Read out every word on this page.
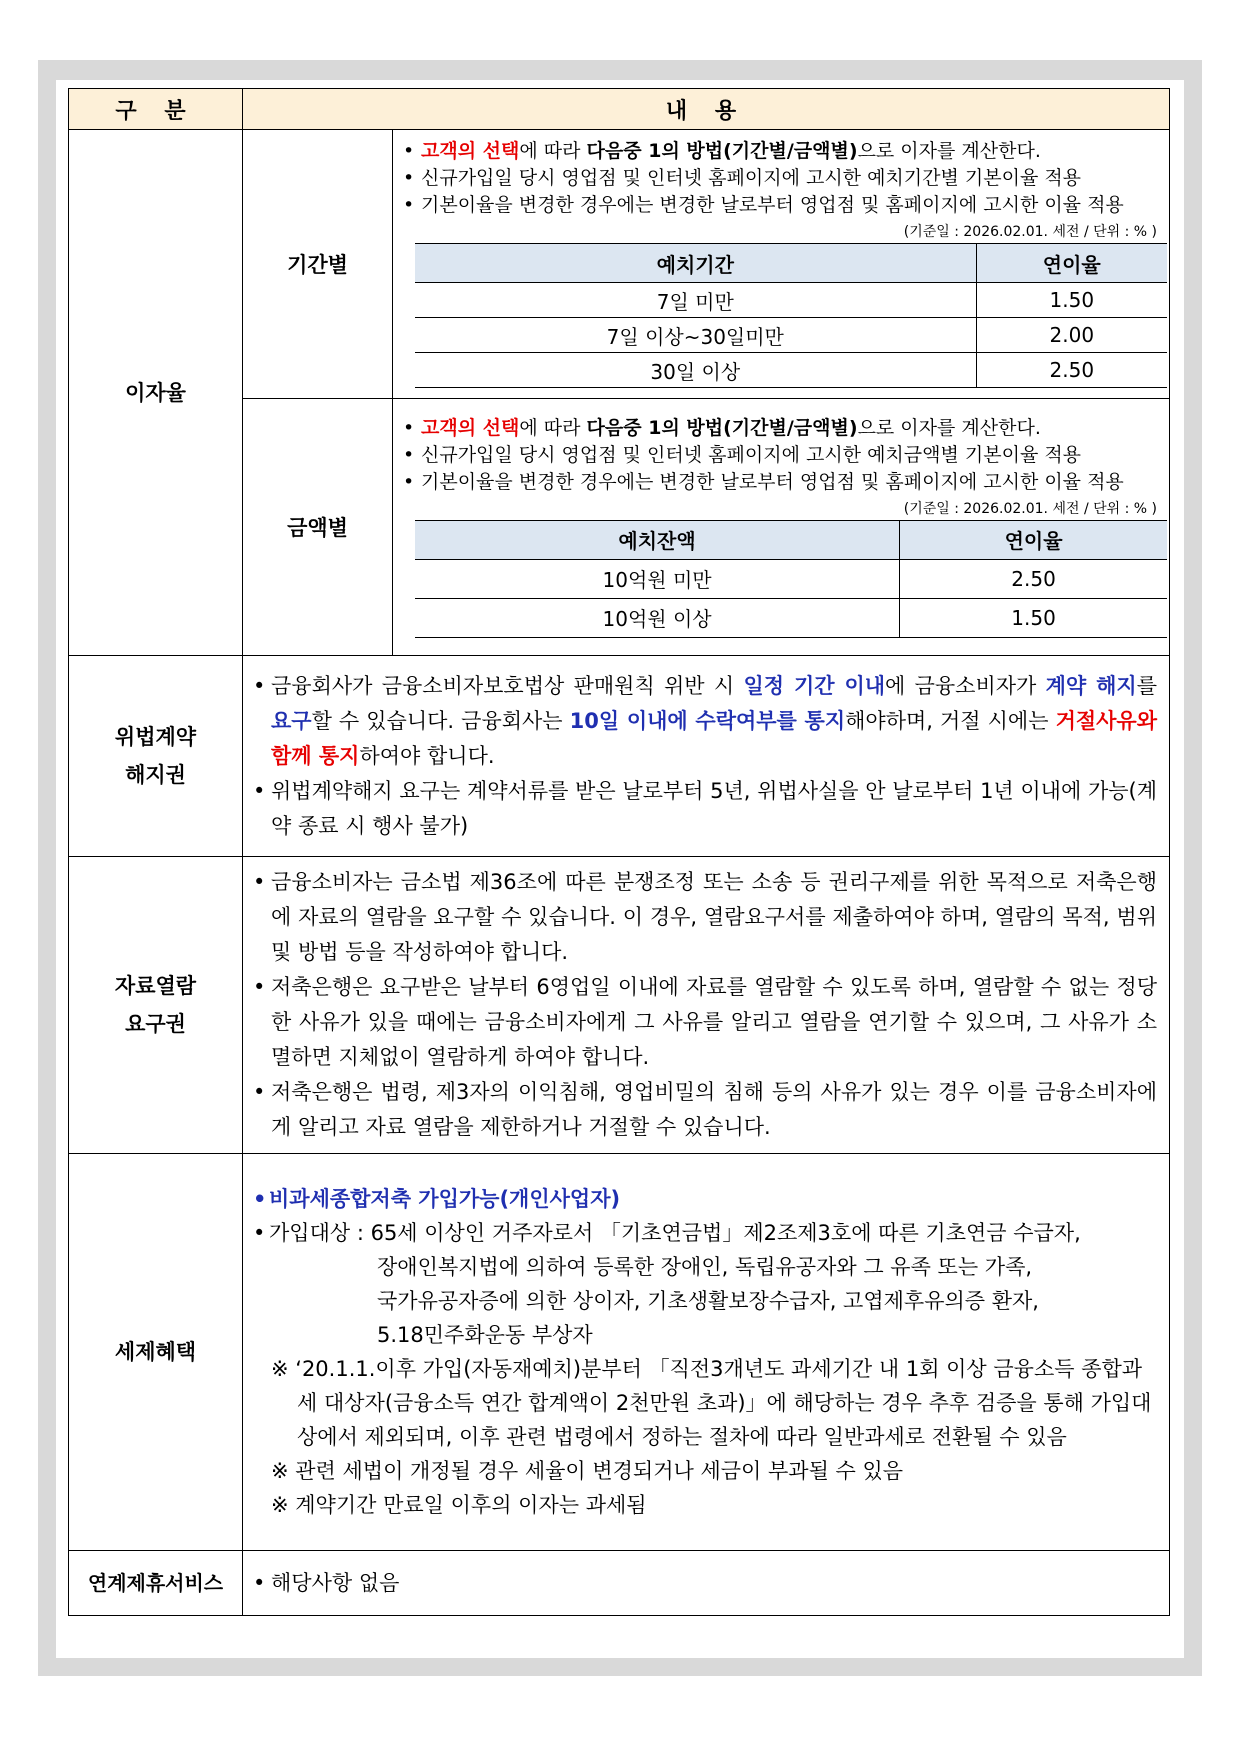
구 분	내 용
이자율	기간별	
• 고객의 선택에 따라 다음중 1의 방법(기간별/금액별)으로 이자를 계산한다.
• 신규가입일 당시 영업점 및 인터넷 홈페이지에 고시한 예치기간별 기본이율 적용
• 기본이율을 변경한 경우에는 변경한 날로부터 영업점 및 홈페이지에 고시한 이율 적용
(기준일 : 2026.02.01. 세전 / 단위 : % )
예치기간	연이율
7일 미만	1.50
7일 이상~30일미만	2.00
30일 이상	2.50

금액별	
• 고객의 선택에 따라 다음중 1의 방법(기간별/금액별)으로 이자를 계산한다.
• 신규가입일 당시 영업점 및 인터넷 홈페이지에 고시한 예치금액별 기본이율 적용
• 기본이율을 변경한 경우에는 변경한 날로부터 영업점 및 홈페이지에 고시한 이율 적용
(기준일 : 2026.02.01. 세전 / 단위 : % )
예치잔액	연이율
10억원 미만	2.50
10억원 이상	1.50

위법계약
해지권	
• 금융회사가 금융소비자보호법상 판매원칙 위반 시 일정 기간 이내에 금융소비자가 계약 해지를 요구할 수 있습니다. 금융회사는 10일 이내에 수락여부를 통지해야하며, 거절 시에는 거절사유와 함께 통지하여야 합니다.
• 위법계약해지 요구는 계약서류를 받은 날로부터 5년, 위법사실을 안 날로부터 1년 이내에 가능(계약 종료 시 행사 불가)

자료열람
요구권	
• 금융소비자는 금소법 제36조에 따른 분쟁조정 또는 소송 등 권리구제를 위한 목적으로 저축은행에 자료의 열람을 요구할 수 있습니다. 이 경우, 열람요구서를 제출하여야 하며, 열람의 목적, 범위 및 방법 등을 작성하여야 합니다.
• 저축은행은 요구받은 날부터 6영업일 이내에 자료를 열람할 수 있도록 하며, 열람할 수 없는 정당한 사유가 있을 때에는 금융소비자에게 그 사유를 알리고 열람을 연기할 수 있으며, 그 사유가 소멸하면 지체없이 열람하게 하여야 합니다.
• 저축은행은 법령, 제3자의 이익침해, 영업비밀의 침해 등의 사유가 있는 경우 이를 금융소비자에게 알리고 자료 열람을 제한하거나 거절할 수 있습니다.

세제혜택	

• 비과세종합저축 가입가능(개인사업자)

• 가입대상 : 65세 이상인 거주자로서 「기초연금법」제2조제3호에 따른 기초연금 수급자,

장애인복지법에 의하여 등록한 장애인, 독립유공자와 그 유족 또는 가족,

국가유공자증에 의한 상이자, 기초생활보장수급자, 고엽제후유의증 환자,

5.18민주화운동 부상자

※ ‘20.1.1.이후 가입(자동재예치)분부터 「직전3개년도 과세기간 내 1회 이상 금융소득 종합과세 대상자(금융소득 연간 합계액이 2천만원 초과)」에 해당하는 경우 추후 검증을 통해 가입대상에서 제외되며, 이후 관련 법령에서 정하는 절차에 따라 일반과세로 전환될 수 있음

※ 관련 세법이 개정될 경우 세율이 변경되거나 세금이 부과될 수 있음

※ 계약기간 만료일 이후의 이자는 과세됨

연계제휴서비스	
•해당사항 없음
